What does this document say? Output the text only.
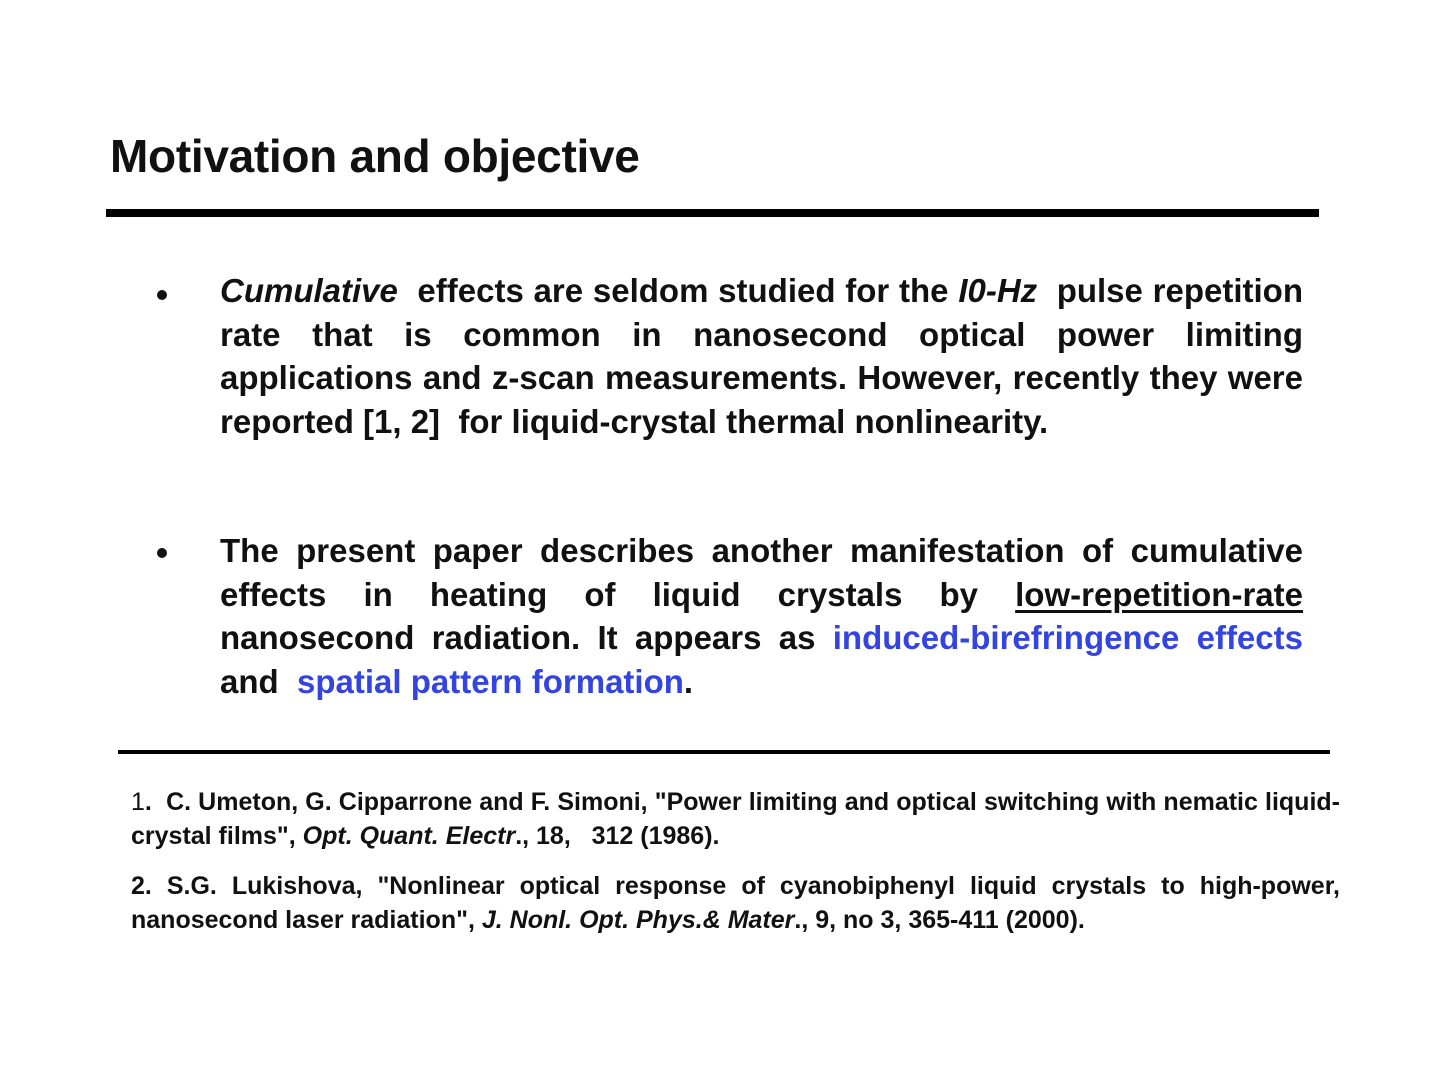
Motivation and objective
Cumulative  effects are seldom studied for the I0-Hz  pulse repetition rate that is common in nanosecond optical power limiting applications and z-scan measurements. However, recently they were reported [1, 2]  for liquid-crystal thermal nonlinearity.
The present paper describes another manifestation of cumulative effects in heating of liquid crystals by low-repetition-rate nanosecond radiation. It appears as induced-birefringence effects  and  spatial pattern formation.
1.  C. Umeton, G. Cipparrone and F. Simoni, "Power limiting and optical switching with nematic liquid-crystal films", Opt. Quant. Electr., 18,   312 (1986).
2. S.G. Lukishova, "Nonlinear optical response of cyanobiphenyl liquid crystals to high-power, nanosecond laser radiation", J. Nonl. Opt. Phys.& Mater., 9, no 3, 365-411 (2000).
